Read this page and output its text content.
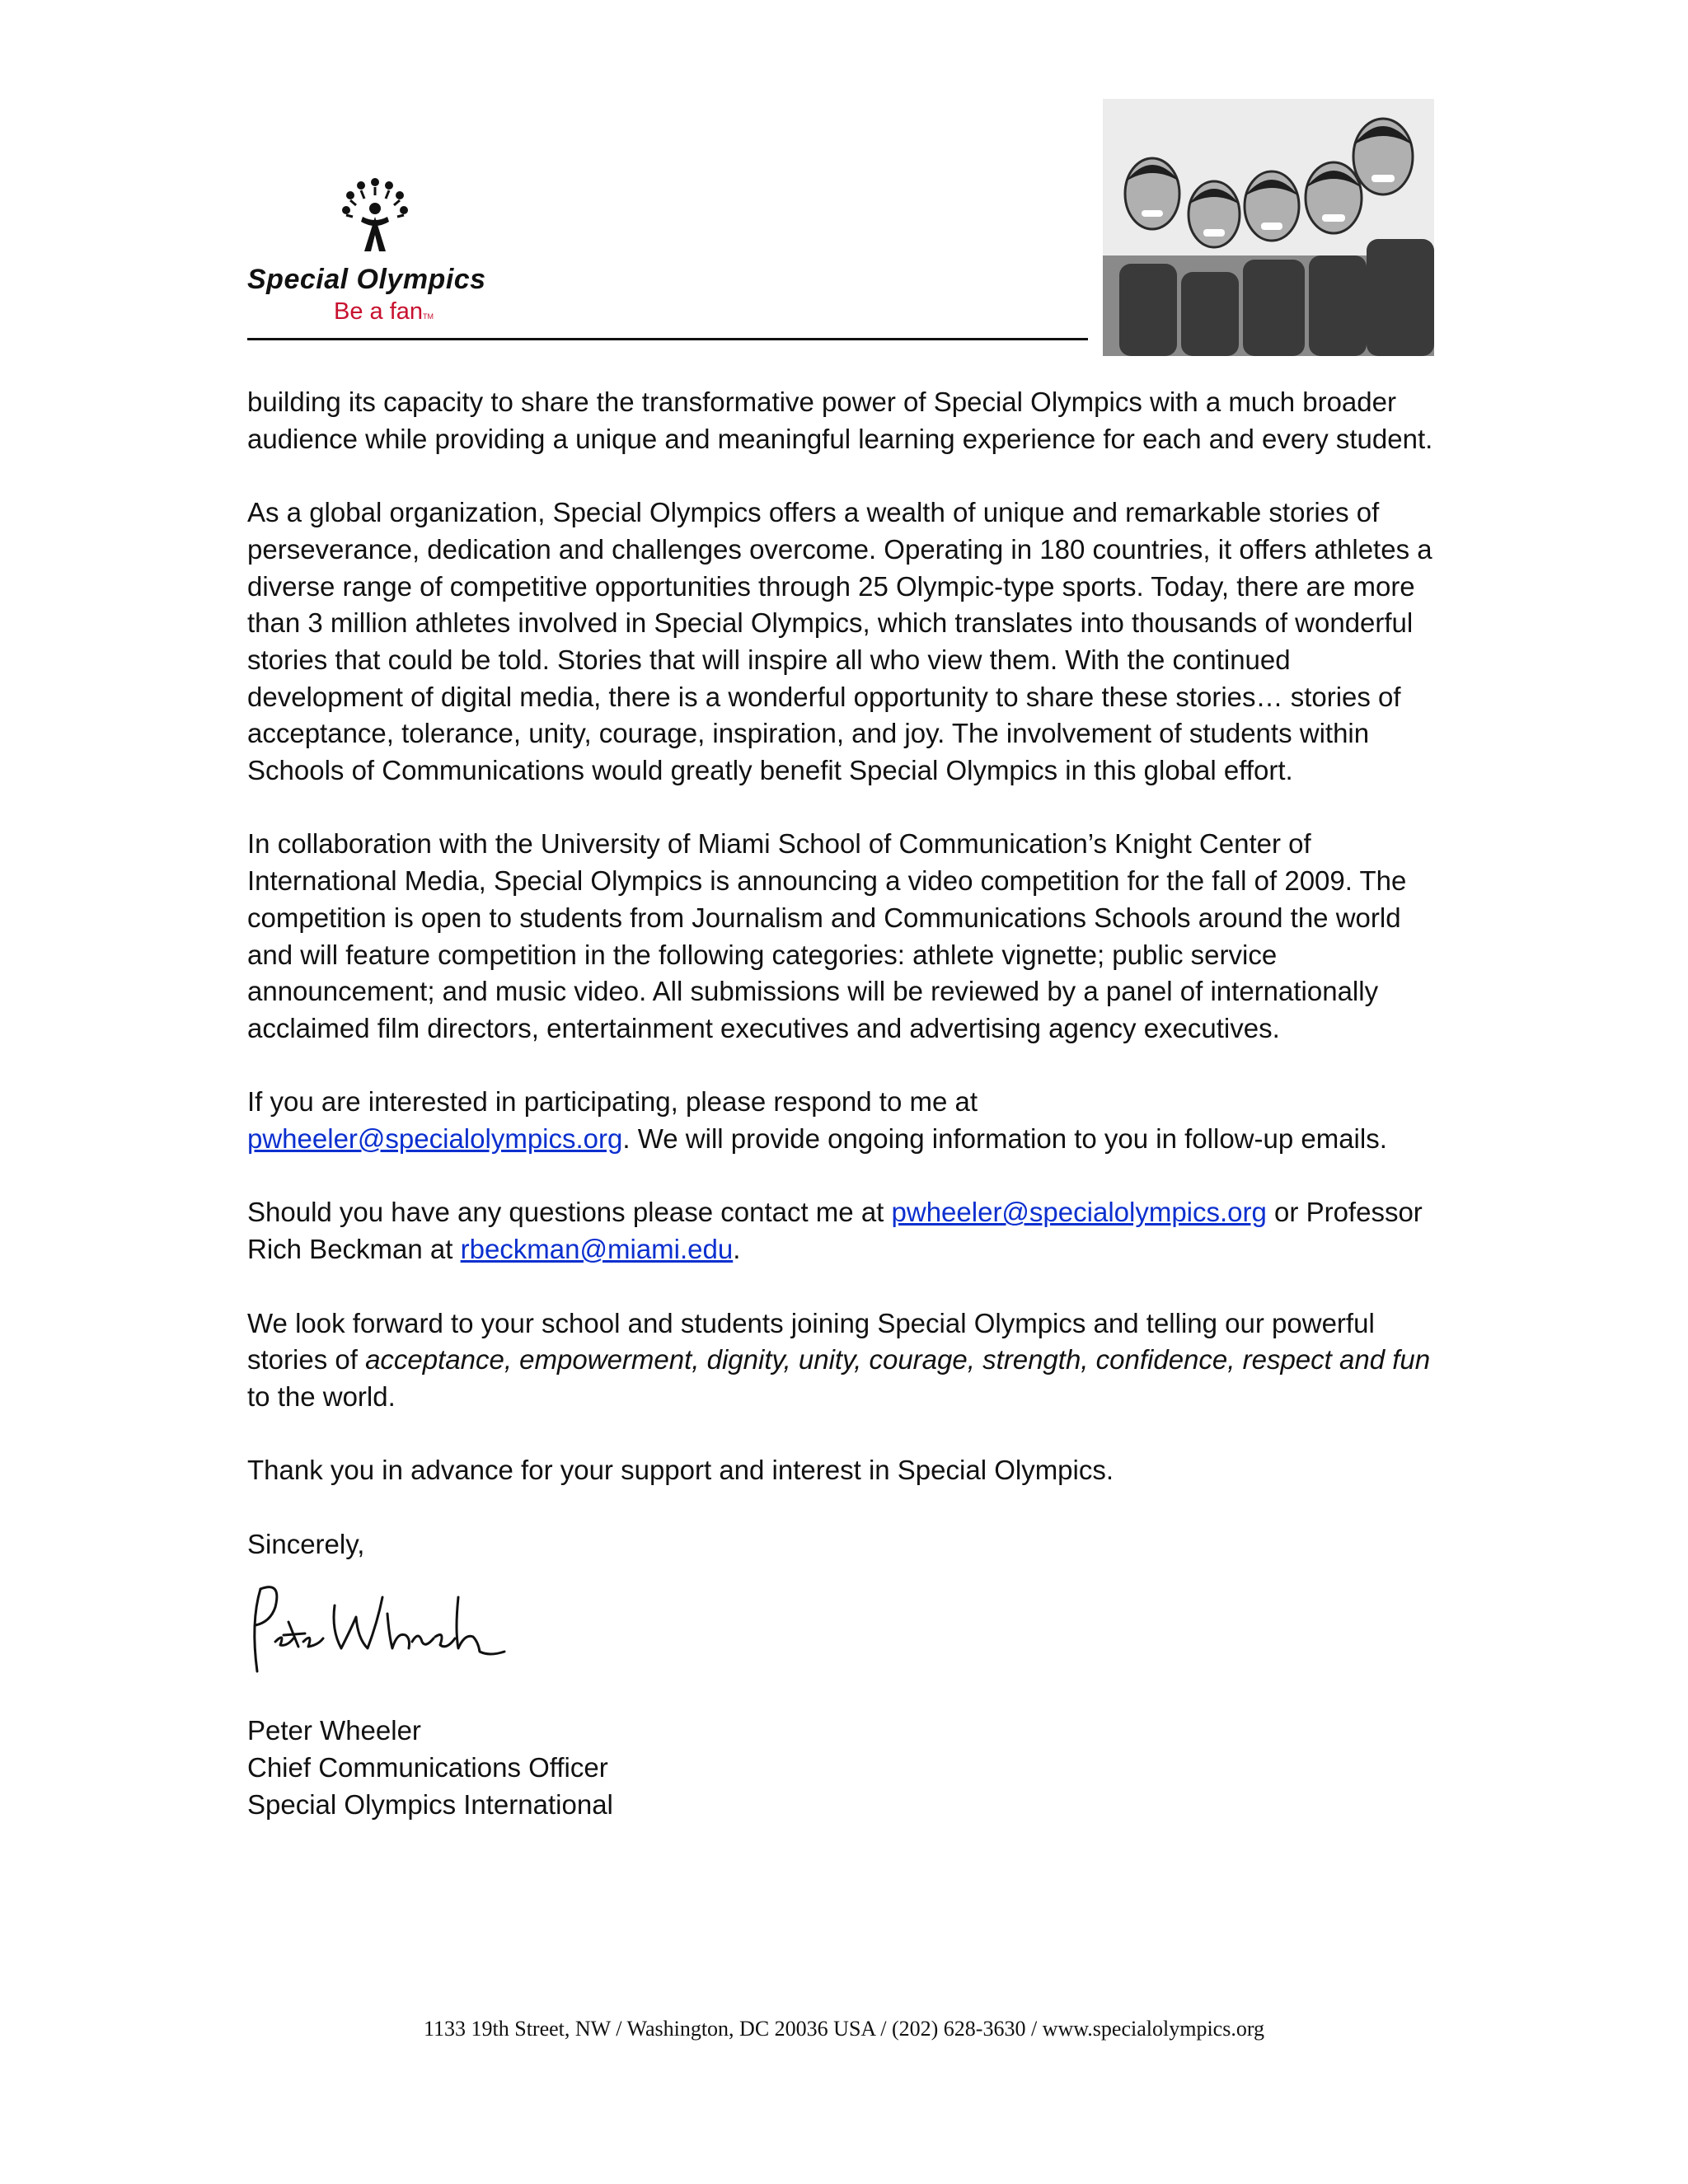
Special Olympics
Be a fanTM

building its capacity to share the transformative power of Special Olympics with a much broader audience while providing a unique and meaningful learning experience for each and every student.

As a global organization, Special Olympics offers a wealth of unique and remarkable stories of perseverance, dedication and challenges overcome. Operating in 180 countries, it offers athletes a diverse range of competitive opportunities through 25 Olympic-type sports. Today, there are more than 3 million athletes involved in Special Olympics, which translates into thousands of wonderful stories that could be told. Stories that will inspire all who view them. With the continued development of digital media, there is a wonderful opportunity to share these stories… stories of acceptance, tolerance, unity, courage, inspiration, and joy. The involvement of students within Schools of Communications would greatly benefit Special Olympics in this global effort.

In collaboration with the University of Miami School of Communication’s Knight Center of International Media, Special Olympics is announcing a video competition for the fall of 2009. The competition is open to students from Journalism and Communications Schools around the world and will feature competition in the following categories: athlete vignette; public service announcement; and music video. All submissions will be reviewed by a panel of internationally acclaimed film directors, entertainment executives and advertising agency executives.

If you are interested in participating, please respond to me at
pwheeler@specialolympics.org. We will provide ongoing information to you in follow-up emails.

Should you have any questions please contact me at pwheeler@specialolympics.org or Professor Rich Beckman at rbeckman@miami.edu.

We look forward to your school and students joining Special Olympics and telling our powerful stories of acceptance, empowerment, dignity, unity, courage, strength, confidence, respect and fun to the world.

Thank you in advance for your support and interest in Special Olympics.

Sincerely,

Peter Wheeler

Chief Communications Officer

Special Olympics International

1133 19th Street, NW / Washington, DC 20036 USA / (202) 628-3630 / www.specialolympics.org
